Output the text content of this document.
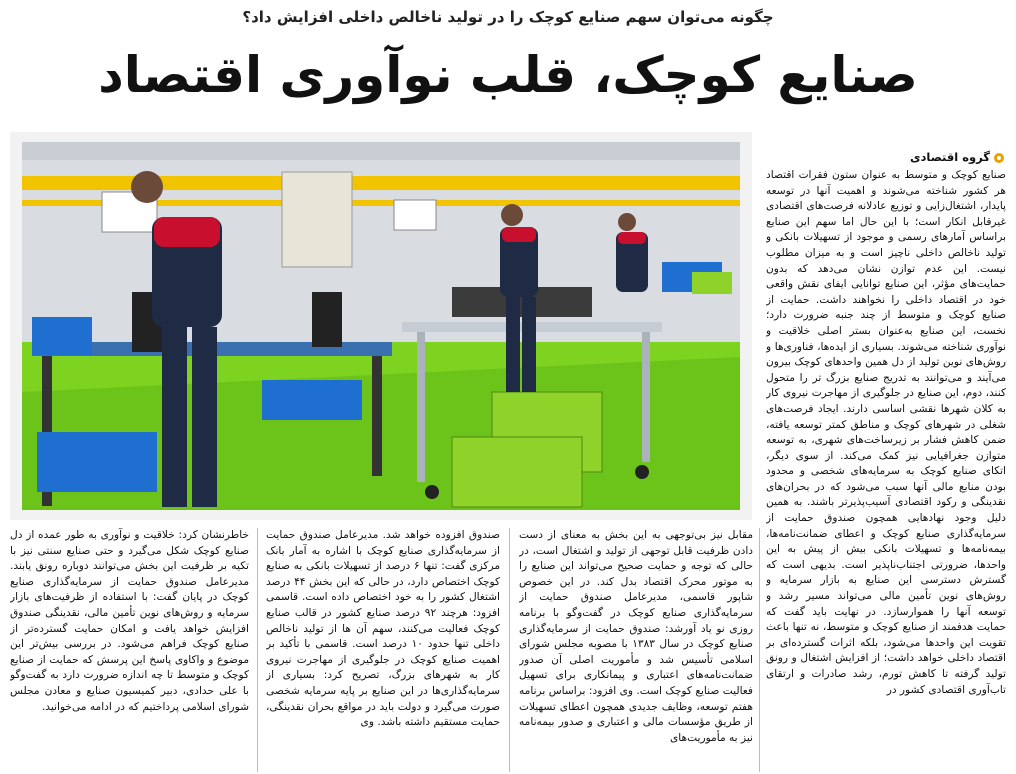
چگونه می‌توان سهم صنایع کوچک را در تولید ناخالص داخلی افزایش داد؟
صنایع کوچک، قلب نوآوری اقتصاد
گروه اقتصادی

صنایع کوچک و متوسط به عنوان ستون فقرات اقتصاد هر کشور شناخته می‌شوند و اهمیت آنها در توسعه پایدار، اشتغال‌زایی و توزیع عادلانه فرصت‌های اقتصادی غیرقابل انکار است؛ با این حال اما سهم این صنایع براساس آمارهای رسمی و موجود از تسهیلات بانکی و تولید ناخالص داخلی ناچیز است و به میزان مطلوب نیست. این عدم توازن نشان می‌دهد که بدون حمایت‌های مؤثر، این صنایع توانایی ایفای نقش واقعی خود در اقتصاد داخلی را نخواهند داشت. حمایت از صنایع کوچک و متوسط از چند جنبه ضرورت دارد؛ نخست، این صنایع به‌عنوان بستر اصلی خلاقیت و نوآوری شناخته می‌شوند. بسیاری از ایده‌ها، فناوری‌ها و روش‌های نوین تولید از دل همین واحدهای کوچک بیرون می‌آیند و می‌توانند به تدریج صنایع بزرگ تر را متحول کنند، دوم، این صنایع در جلوگیری از مهاجرت نیروی کار به کلان شهرها نقشی اساسی دارند. ایجاد فرصت‌های شغلی در شهرهای کوچک و مناطق کمتر توسعه یافته، ضمن کاهش فشار بر زیرساخت‌های شهری، به توسعه متوازن جغرافیایی نیز کمک می‌کند. از سوی دیگر، اتکای صنایع کوچک به سرمایه‌های شخصی و محدود بودن منابع مالی آنها سبب می‌شود که در بحران‌های نقدینگی و رکود اقتصادی آسیب‌پذیرتر باشند. به همین دلیل وجود نهادهایی همچون صندوق حمایت از سرمایه‌گذاری صنایع کوچک و اعطای ضمانت‌نامه‌ها، بیمه‌نامه‌ها و تسهیلات بانکی بیش از پیش به این واحدها، ضرورتی اجتناب‌ناپذیر است. بدیهی است که گسترش دسترسی این صنایع به بازار سرمایه و روش‌های نوین تأمین مالی می‌تواند مسیر رشد و توسعه آنها را هموارسازد. در نهایت باید گفت که حمایت هدفمند از صنایع کوچک و متوسط، نه تنها باعث تقویت این واحدها می‌شود، بلکه اثرات گسترده‌ای بر اقتصاد داخلی خواهد داشت؛ از افزایش اشتغال و رونق تولید گرفته تا کاهش تورم، رشد صادرات و ارتقای تاب‌آوری اقتصادی کشور در

مقابل نیز بی‌توجهی به این بخش به معنای از دست دادن ظرفیت قابل توجهی از تولید و اشتغال است، در حالی که توجه و حمایت صحیح می‌تواند این صنایع را به موتور محرک اقتصاد بدل کند. در این خصوص شاپور قاسمی، مدیرعامل صندوق حمایت از سرمایه‌گذاری صنایع کوچک در گفت‌وگو با برنامه روزی نو یاد آورشد: صندوق حمایت از سرمایه‌گذاری صنایع کوچک در سال ۱۳۸۳ با مصوبه مجلس شورای اسلامی تأسیس شد و مأموریت اصلی آن صدور ضمانت‌نامه‌های اعتباری و پیمانکاری برای تسهیل فعالیت صنایع کوچک است. وی افزود: براساس برنامه هفتم توسعه، وظایف جدیدی همچون اعطای تسهیلات از طریق مؤسسات مالی و اعتباری و صدور بیمه‌نامه نیز به مأموریت‌های

صندوق افزوده خواهد شد. مدیرعامل صندوق حمایت از سرمایه‌گذاری صنایع کوچک با اشاره به آمار بانک مرکزی گفت: تنها ۶ درصد از تسهیلات بانکی به صنایع کوچک اختصاص دارد، در حالی که این بخش ۴۴ درصد اشتغال کشور را به خود اختصاص داده است. قاسمی افزود: هرچند ۹۲ درصد صنایع کشور در قالب صنایع کوچک فعالیت می‌کنند، سهم آن ها از تولید ناخالص داخلی تنها حدود ۱۰ درصد است. قاسمی با تأکید بر اهمیت صنایع کوچک در جلوگیری از مهاجرت نیروی کار به شهرهای بزرگ، تصریح کرد: بسیاری از سرمایه‌گذاری‌ها در این صنایع بر پایه سرمایه شخصی صورت می‌گیرد و دولت باید در مواقع بحران نقدینگی، حمایت مستقیم داشته باشد. وی

خاطرنشان کرد: خلاقیت و نوآوری به طور عمده از دل صنایع کوچک شکل می‌گیرد و حتی صنایع سنتی نیز با تکیه بر ظرفیت این بخش می‌توانند دوباره رونق یابند. مدیرعامل صندوق حمایت از سرمایه‌گذاری صنایع کوچک در پایان گفت: با استفاده از ظرفیت‌های بازار سرمایه و روش‌های نوین تأمین مالی، نقدینگی صندوق افزایش خواهد یافت و امکان حمایت گسترده‌تر از صنایع کوچک فراهم می‌شود. در بررسی بیش‌تر این موضوع و واکاوی پاسخ این پرسش که حمایت از صنایع کوچک و متوسط تا چه اندازه ضرورت دارد به گفت‌وگو با علی حدادی، دبیر کمیسیون صنایع و معادن مجلس شورای اسلامی پرداختیم که در ادامه می‌خوانید.
